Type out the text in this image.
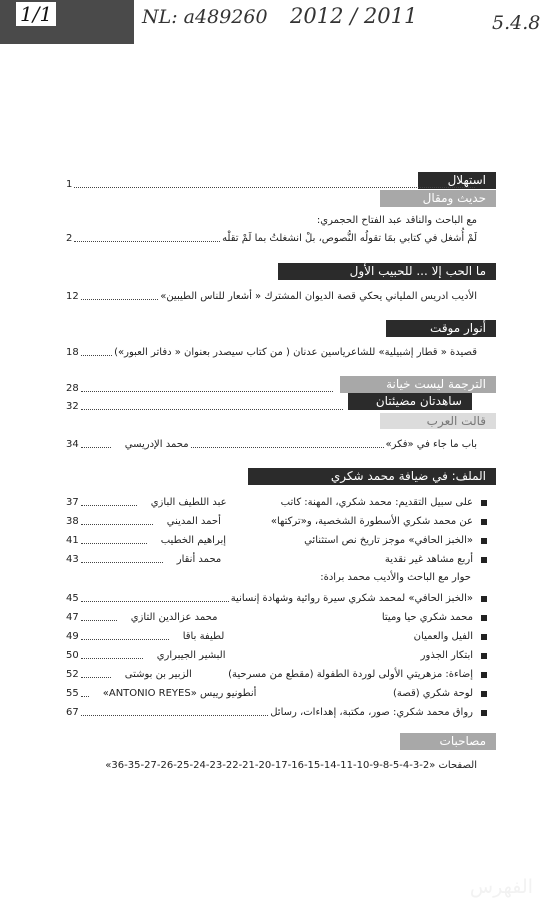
1/1
الفهرس
NL: a489260 2012 / 2011	5.4.8
استهلال
1
حديث ومقال
مع الباحث والناقد عبد الفتاح الحجمري:
لَمْ أُشغل في كتابي بمَا تقولُه النُّصوص، بلْ انشغلتُ بما لَمْ تقلْه
2
ما الحب إلا ... للحبيب الأول
الأديب ادريس الملياني يحكي قصة الديوان المشترك « أشعار للناس الطيبين»
12
أنوار موقت
قصيدة « قطار إشبيلية» للشاعرياسين عدنان ( من كتاب سيصدر بعنوان « دفاتر العبور»)
18
الترجمة ليست خيانة
28
ساهدتان مضيئتان
32
قالت العرب
باب ما جاء في «فكر»
محمد الإدريسي
34
الملف: في ضيافة محمد شكري
على سبيل التقديم: محمد شكري، المهنة: كاتب
عبد اللطيف البازي
37
عن محمد شكري الأسطورة الشخصية، و«تركتها»
أحمد المديني
38
«الخبز الحافي» موجز تاريخ نص استثنائي
إبراهيم الخطيب
41
أربع مشاهد غير نقدية
محمد أنقار
43
حوار مع الباحث والأديب محمد برادة:
«الخبز الحافي» لمحمد شكري سيرة روائية وشهادة إنسانية
45
محمد شكري حيا وميتا
محمد عزالدين التازي
47
الفيل والعميان
لطيفة باقا
49
ابتكار الجذور
البشير الجيبراري
50
إضاءة: مزهريتي الأولى لوردة الطفولة (مقطع من مسرحية)
الزبير بن بوشتى
52
لوحة شكري (قصة)
أنطونيو رييس «ANTONIO REYES»
55
رواق محمد شكري: صور، مكتبة، إهداءات، رسائل
67
مصاحبات
الصفحات «2-3-4-5-8-9-10-11-14-15-16-17-20-21-22-23-24-25-26-27-35-36»
